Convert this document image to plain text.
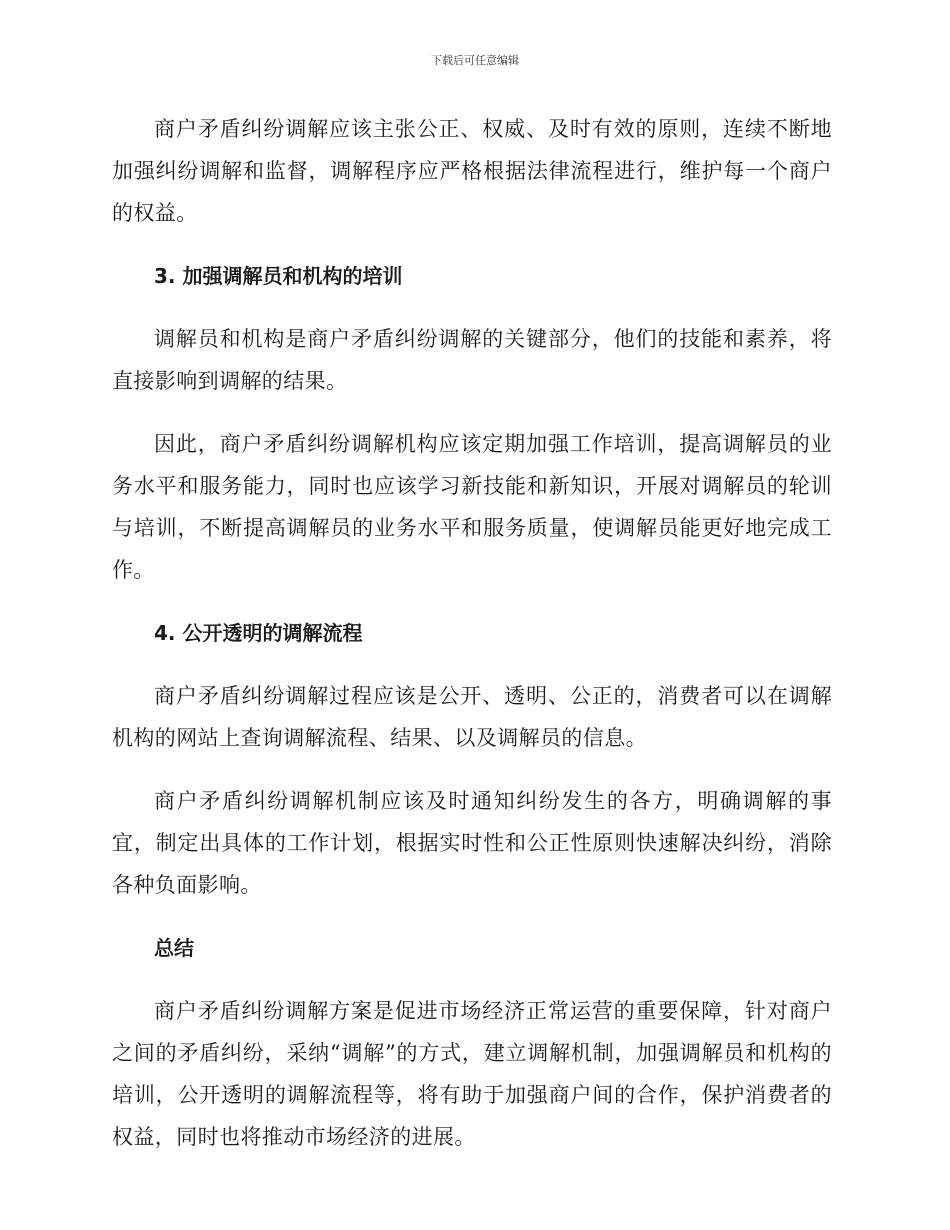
下载后可任意编辑

商户矛盾纠纷调解应该主张公正、权威、及时有效的原则，连续不断地加强纠纷调解和监督，调解程序应严格根据法律流程进行，维护每一个商户的权益。

3. 加强调解员和机构的培训

调解员和机构是商户矛盾纠纷调解的关键部分，他们的技能和素养，将直接影响到调解的结果。

因此，商户矛盾纠纷调解机构应该定期加强工作培训，提高调解员的业务水平和服务能力，同时也应该学习新技能和新知识，开展对调解员的轮训与培训，不断提高调解员的业务水平和服务质量，使调解员能更好地完成工作。

4. 公开透明的调解流程

商户矛盾纠纷调解过程应该是公开、透明、公正的，消费者可以在调解机构的网站上查询调解流程、结果、以及调解员的信息。

商户矛盾纠纷调解机制应该及时通知纠纷发生的各方，明确调解的事宜，制定出具体的工作计划，根据实时性和公正性原则快速解决纠纷，消除各种负面影响。

总结

商户矛盾纠纷调解方案是促进市场经济正常运营的重要保障，针对商户之间的矛盾纠纷，采纳“调解”的方式，建立调解机制，加强调解员和机构的培训，公开透明的调解流程等，将有助于加强商户间的合作，保护消费者的权益，同时也将推动市场经济的进展。
